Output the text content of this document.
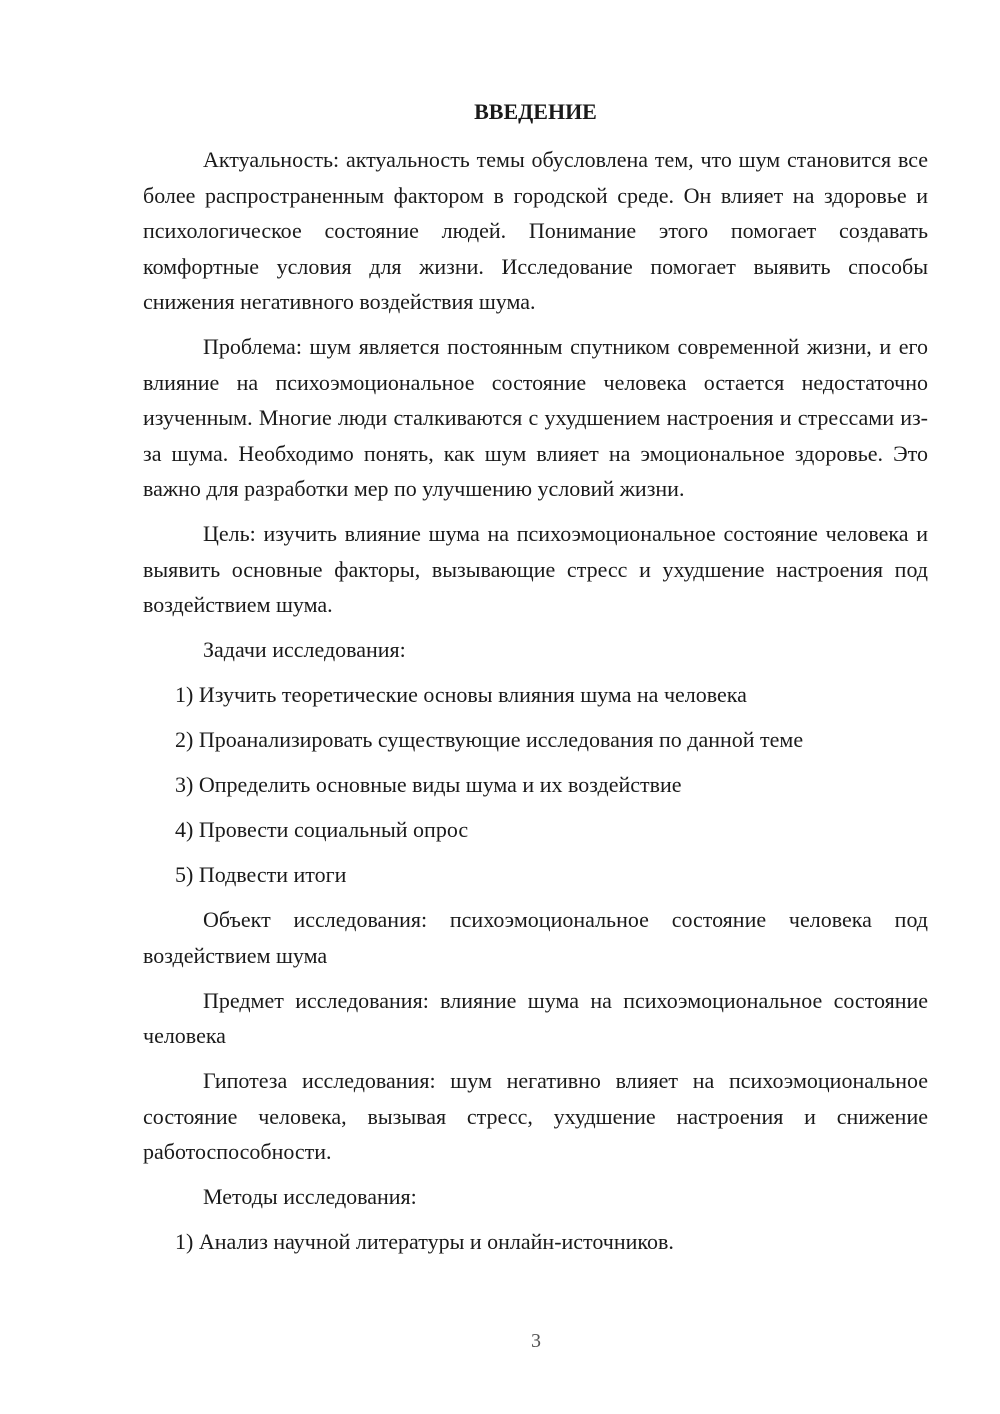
ВВЕДЕНИЕ

Актуальность: актуальность темы обусловлена тем, что шум становится все более распространенным фактором в городской среде. Он влияет на здоровье и психологическое состояние людей. Понимание этого помогает создавать комфортные условия для жизни. Исследование помогает выявить способы снижения негативного воздействия шума.

Проблема: шум является постоянным спутником современной жизни, и его влияние на психоэмоциональное состояние человека остается недостаточно изученным. Многие люди сталкиваются с ухудшением настроения и стрессами из-за шума. Необходимо понять, как шум влияет на эмоциональное здоровье. Это важно для разработки мер по улучшению условий жизни.

Цель: изучить влияние шума на психоэмоциональное состояние человека и выявить основные факторы, вызывающие стресс и ухудшение настроения под воздействием шума.

Задачи исследования:

1) Изучить теоретические основы влияния шума на человека

2) Проанализировать существующие исследования по данной теме

3) Определить основные виды шума и их воздействие

4) Провести социальный опрос

5) Подвести итоги

Объект исследования: психоэмоциональное состояние человека под воздействием шума

Предмет исследования: влияние шума на психоэмоциональное состояние человека

Гипотеза исследования: шум негативно влияет на психоэмоциональное состояние человека, вызывая стресс, ухудшение настроения и снижение работоспособности.

Методы исследования:

1) Анализ научной литературы и онлайн-источников.

3
